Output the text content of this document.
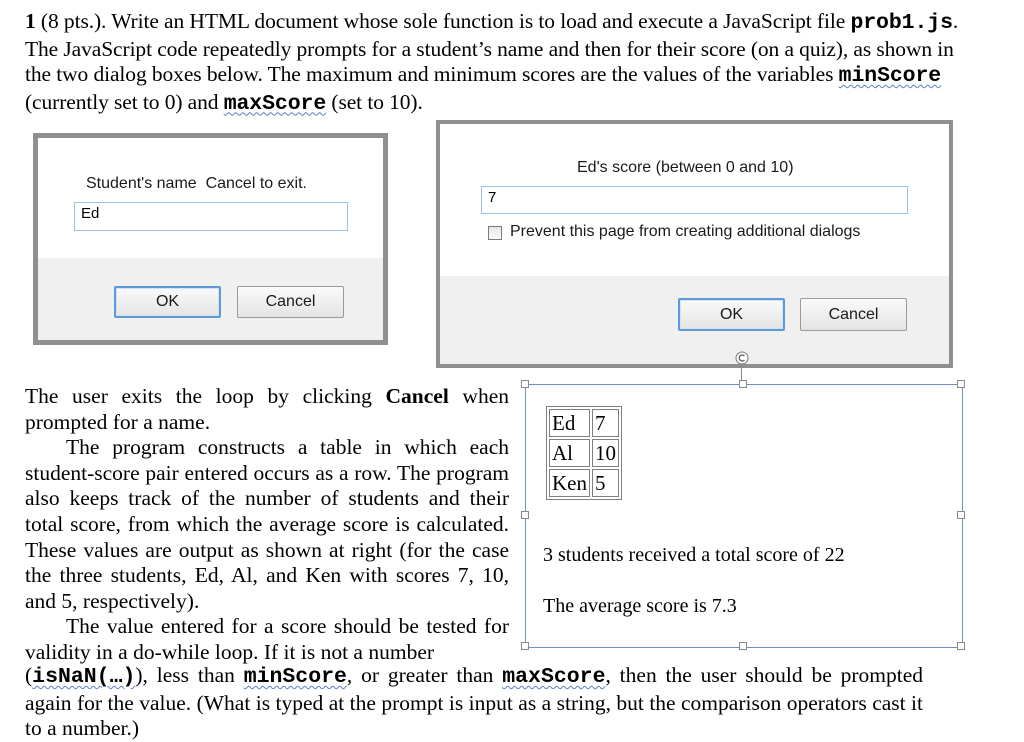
1 (8 pts.). Write an HTML document whose sole function is to load and execute a JavaScript file prob1.js. The JavaScript code repeatedly prompts for a student’s name and then for their score (on a quiz), as shown in the two dialog boxes below. The maximum and minimum scores are the values of the variables minScore (currently set to 0) and maxScore (set to 10).
Student's name  Cancel to exit.
Ed
OK	Cancel
Ed's score (between 0 and 10)
7
Prevent this page from creating additional dialogs
OK	Cancel

The user exits the loop by clicking Cancel when prompted for a name.

The program constructs a table in which each student-score pair entered occurs as a row. The program also keeps track of the number of students and their total score, from which the average score is calculated. These values are output as shown at right (for the case the three students, Ed, Al, and Ken with scores 7, 10, and 5, respectively).

The value entered for a score should be tested for validity in a do-while loop. If it is not a number

(isNaN(…)), less than minScore, or greater than maxScore, then the user should be prompted again for the value. (What is typed at the prompt is input as a string, but the comparison operators cast it to a number.)

Ed	7
Al	10
Ken	5
3 students received a total score of 22
The average score is 7.3
